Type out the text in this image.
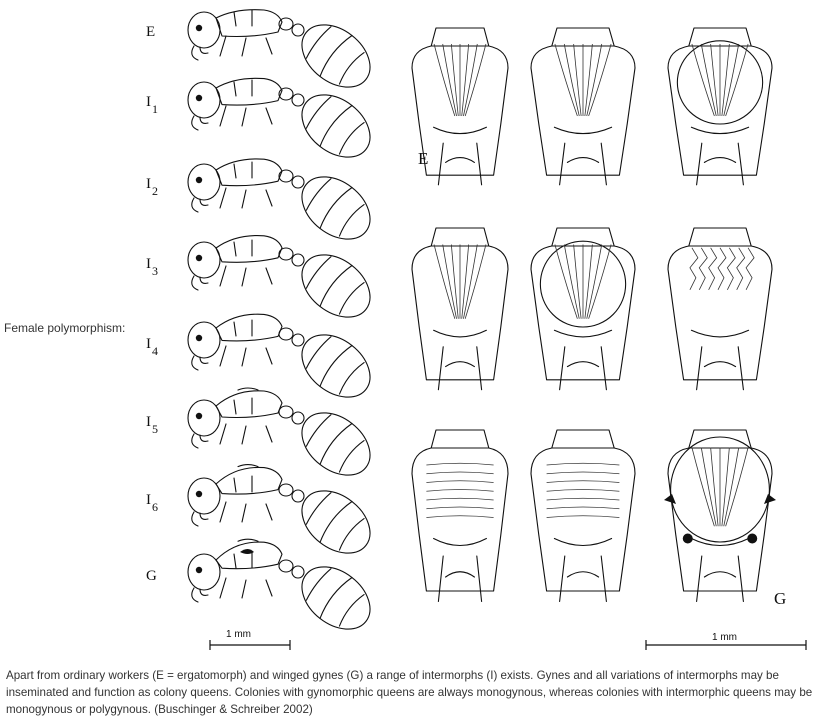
Female polymorphism:
E
$I_1$
$I_2$
$I_3$
$I_4$
$I_5$
$I_6$
G
E
G
1 mm	1 mm

Apart from ordinary workers (E = ergatomorph) and winged gynes (G) a range of intermorphs (I) exists. Gynes and all variations of intermorphs may be inseminated and function as colony queens. Colonies with gynomorphic queens are always monogynous, whereas colonies with intermorphic queens may be monogynous or polygynous. (Buschinger & Schreiber 2002)
